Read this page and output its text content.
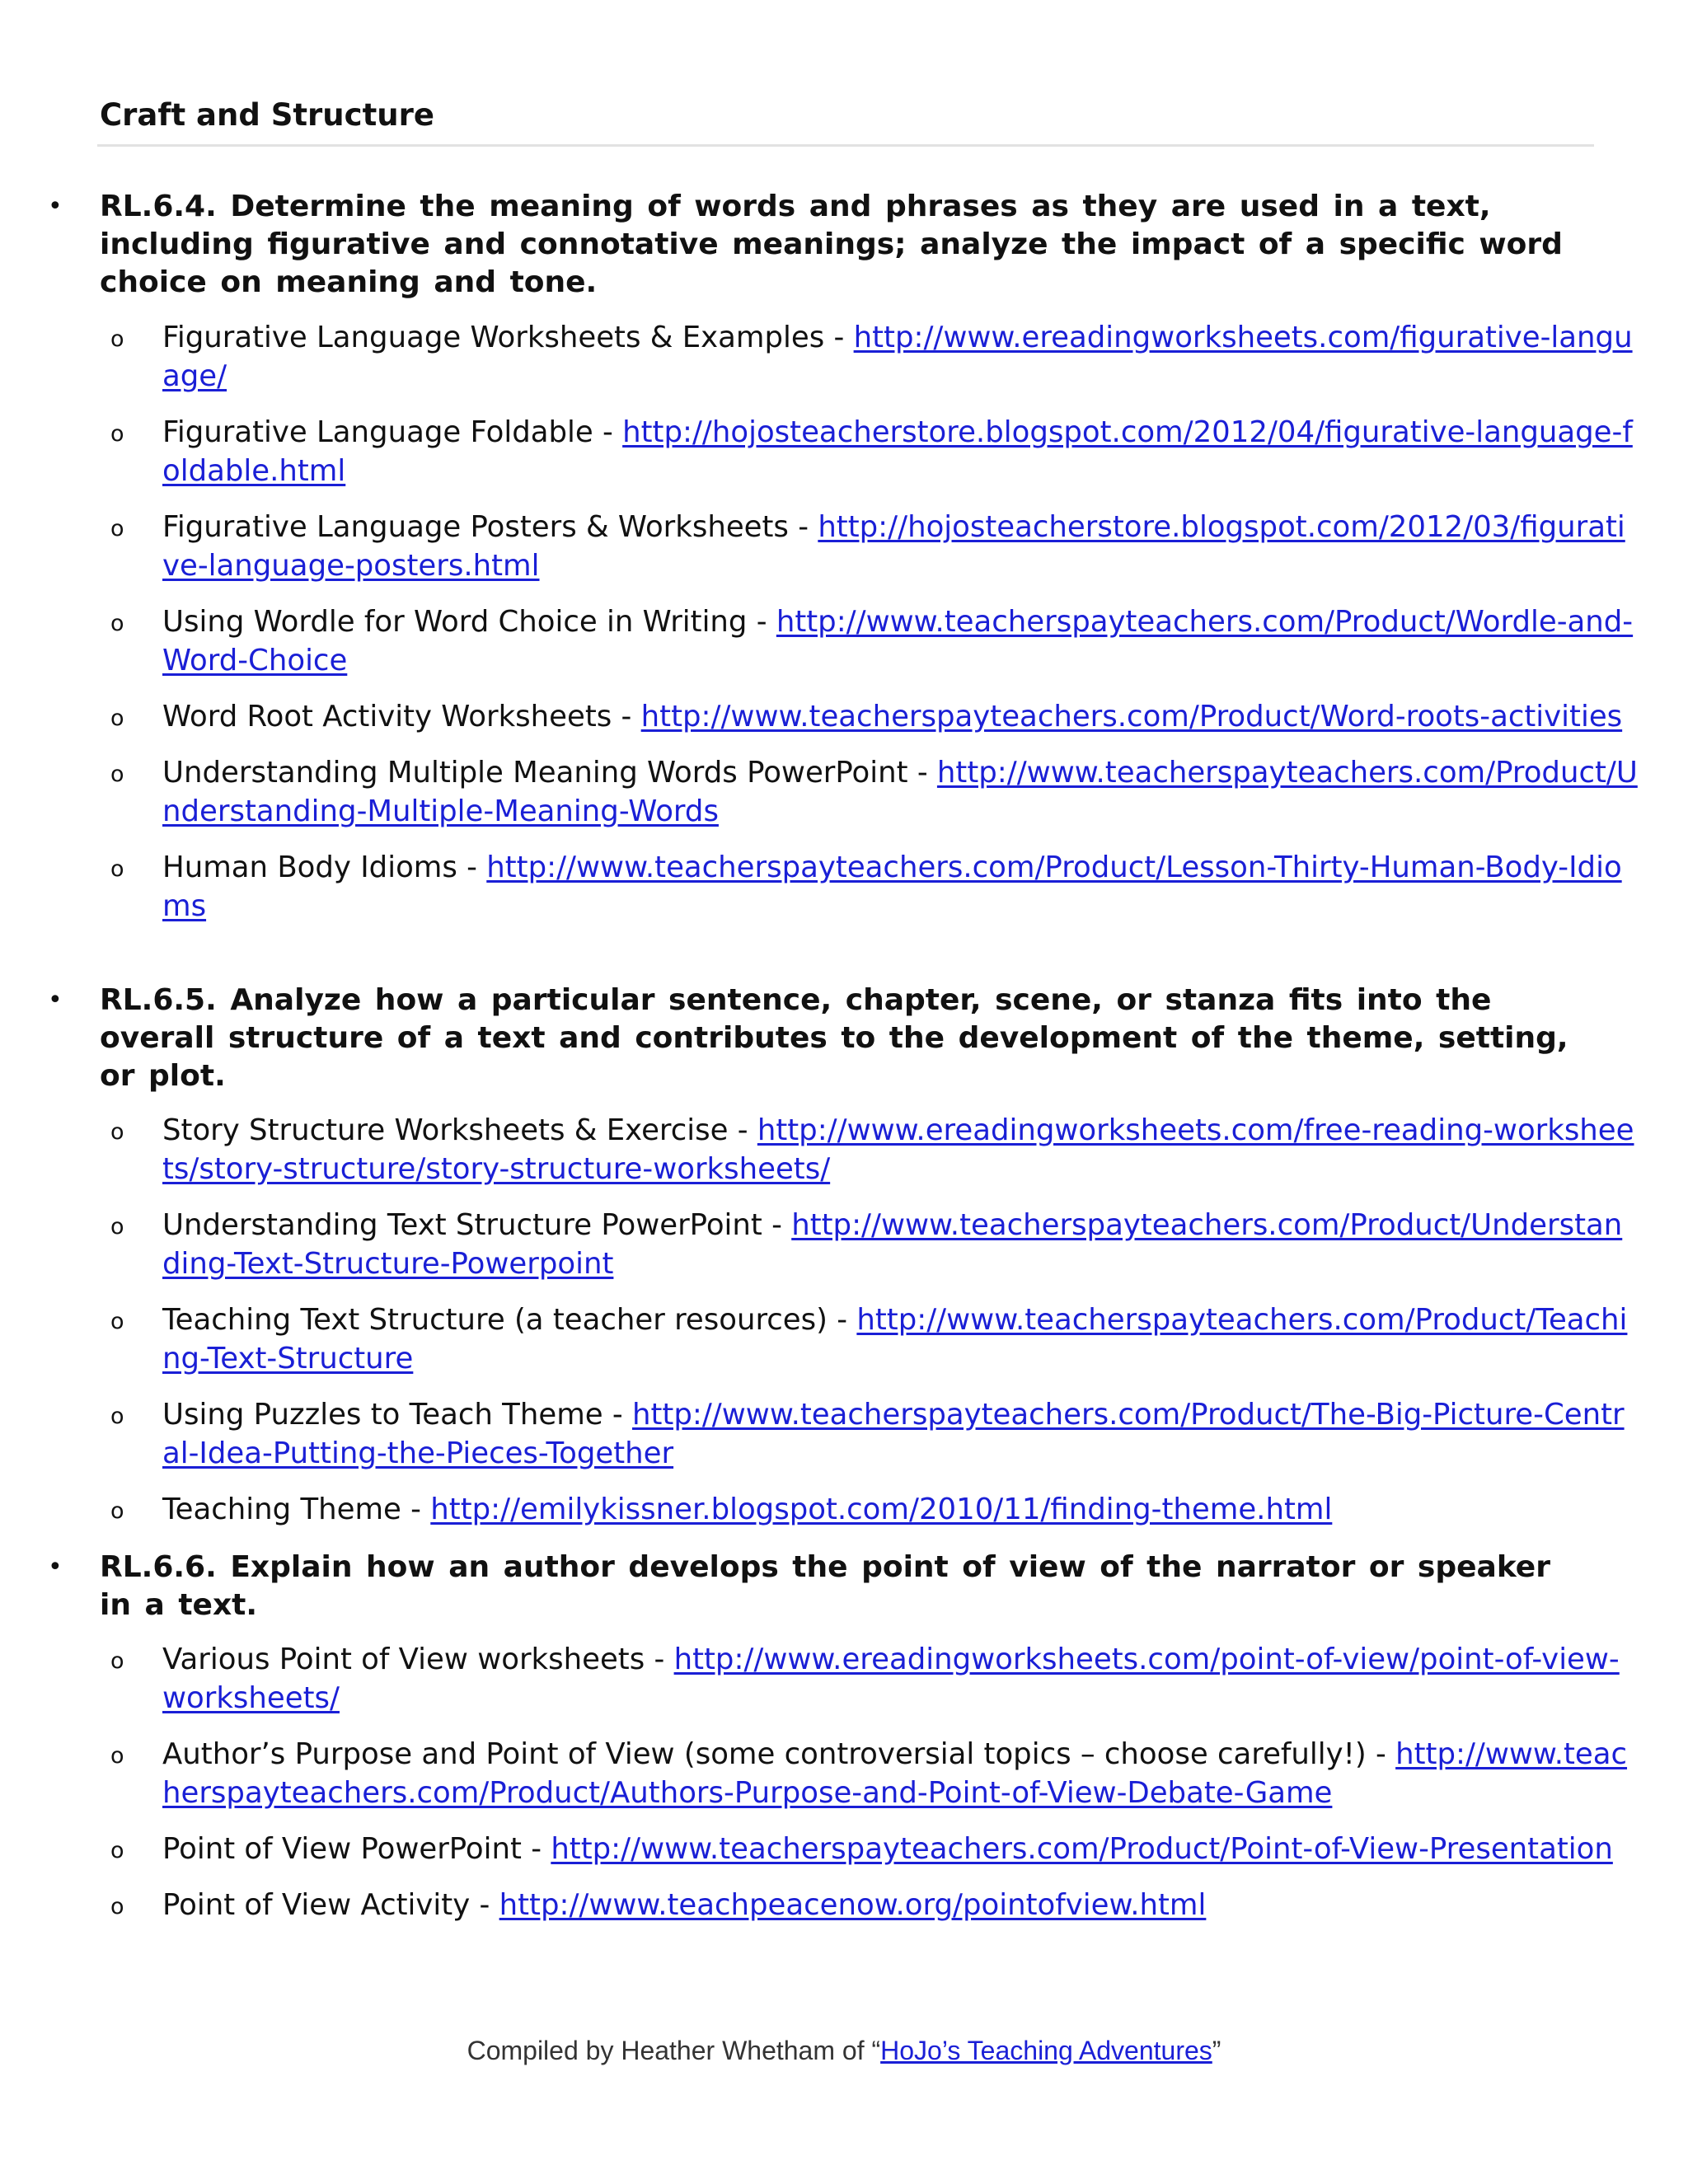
Craft and Structure
• RL.6.4. Determine the meaning of words and phrases as they are used in a text, including figurative and connotative meanings; analyze the impact of a specific word choice on meaning and tone.
o Figurative Language Worksheets & Examples - http://www.ereadingworksheets.com/figurative-language/
o Figurative Language Foldable - http://hojosteacherstore.blogspot.com/2012/04/figurative-language-foldable.html
o Figurative Language Posters & Worksheets - http://hojosteacherstore.blogspot.com/2012/03/figurative-language-posters.html
o Using Wordle for Word Choice in Writing - http://www.teacherspayteachers.com/Product/Wordle-and-Word-Choice
o Word Root Activity Worksheets - http://www.teacherspayteachers.com/Product/Word-roots-activities
o Understanding Multiple Meaning Words PowerPoint - http://www.teacherspayteachers.com/Product/Understanding-Multiple-Meaning-Words
o Human Body Idioms - http://www.teacherspayteachers.com/Product/Lesson-Thirty-Human-Body-Idioms
• RL.6.5. Analyze how a particular sentence, chapter, scene, or stanza fits into the overall structure of a text and contributes to the development of the theme, setting, or plot.
o Story Structure Worksheets & Exercise - http://www.ereadingworksheets.com/free-reading-worksheets/story-structure/story-structure-worksheets/
o Understanding Text Structure PowerPoint - http://www.teacherspayteachers.com/Product/Understanding-Text-Structure-Powerpoint
o Teaching Text Structure (a teacher resources) - http://www.teacherspayteachers.com/Product/Teaching-Text-Structure
o Using Puzzles to Teach Theme - http://www.teacherspayteachers.com/Product/The-Big-Picture-Central-Idea-Putting-the-Pieces-Together
o Teaching Theme - http://emilykissner.blogspot.com/2010/11/finding-theme.html
• RL.6.6. Explain how an author develops the point of view of the narrator or speaker in a text.
o Various Point of View worksheets - http://www.ereadingworksheets.com/point-of-view/point-of-view-worksheets/
o Author’s Purpose and Point of View (some controversial topics – choose carefully!) - http://www.teacherspayteachers.com/Product/Authors-Purpose-and-Point-of-View-Debate-Game
o Point of View PowerPoint - http://www.teacherspayteachers.com/Product/Point-of-View-Presentation
o Point of View Activity - http://www.teachpeacenow.org/pointofview.html
Compiled by Heather Whetham of “HoJo’s Teaching Adventures”
